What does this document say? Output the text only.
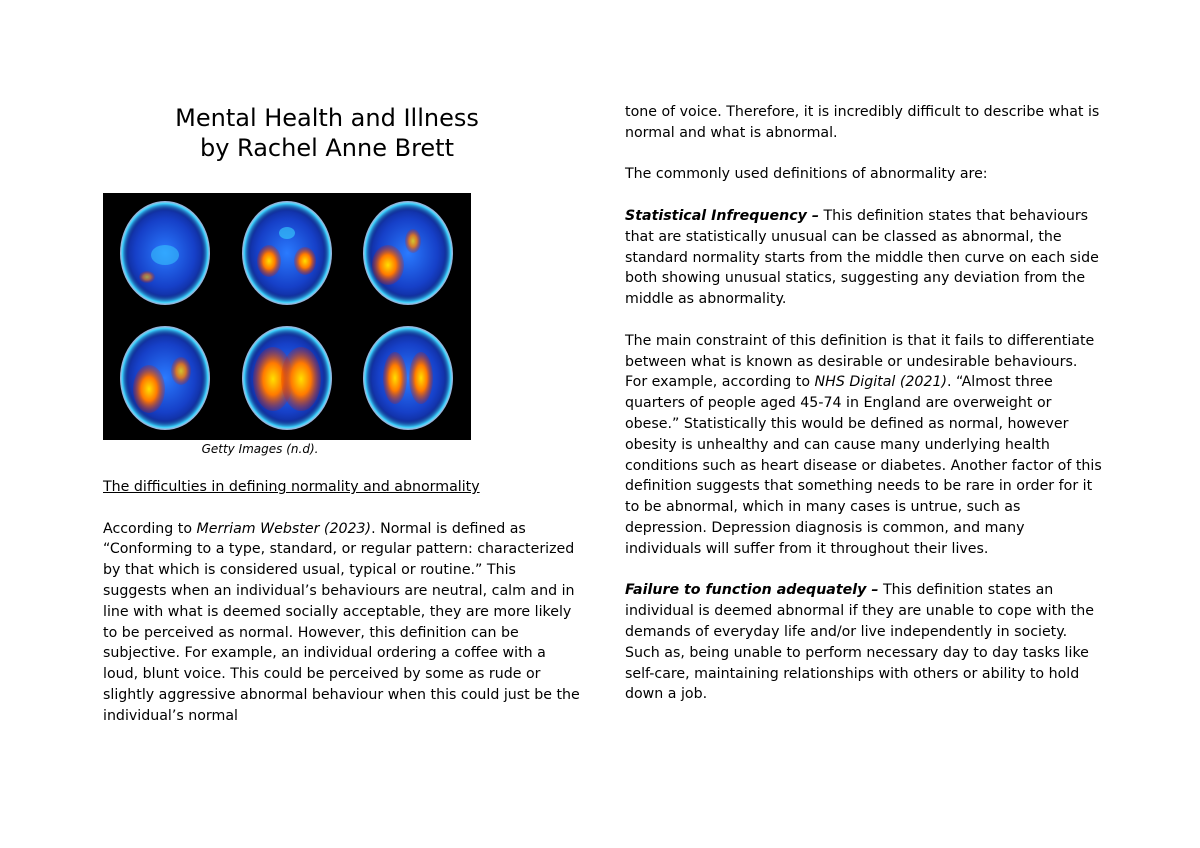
Mental Health and Illness
by Rachel Anne Brett
Getty Images (n.d).

The difficulties in defining normality and abnormality

According to Merriam Webster (2023). Normal is defined as “Conforming to a type, standard, or regular pattern: characterized by that which is considered usual, typical or routine.” This suggests when an individual’s behaviours are neutral, calm and in line with what is deemed socially acceptable, they are more likely to be perceived as normal. However, this definition can be subjective. For example, an individual ordering a coffee with a loud, blunt voice. This could be perceived by some as rude or slightly aggressive abnormal behaviour when this could just be the individual’s normal

tone of voice. Therefore, it is incredibly difficult to describe what is normal and what is abnormal.

The commonly used definitions of abnormality are:

Statistical Infrequency – This definition states that behaviours that are statistically unusual can be classed as abnormal, the standard normality starts from the middle then curve on each side both showing unusual statics, suggesting any deviation from the middle as abnormality.

The main constraint of this definition is that it fails to differentiate between what is known as desirable or undesirable behaviours. For example, according to NHS Digital (2021). “Almost three quarters of people aged 45-74 in England are overweight or obese.” Statistically this would be defined as normal, however obesity is unhealthy and can cause many underlying health conditions such as heart disease or diabetes. Another factor of this definition suggests that something needs to be rare in order for it to be abnormal, which in many cases is untrue, such as depression. Depression diagnosis is common, and many individuals will suffer from it throughout their lives.

Failure to function adequately – This definition states an individual is deemed abnormal if they are unable to cope with the demands of everyday life and/or live independently in society. Such as, being unable to perform necessary day to day tasks like self-care, maintaining relationships with others or ability to hold down a job.
